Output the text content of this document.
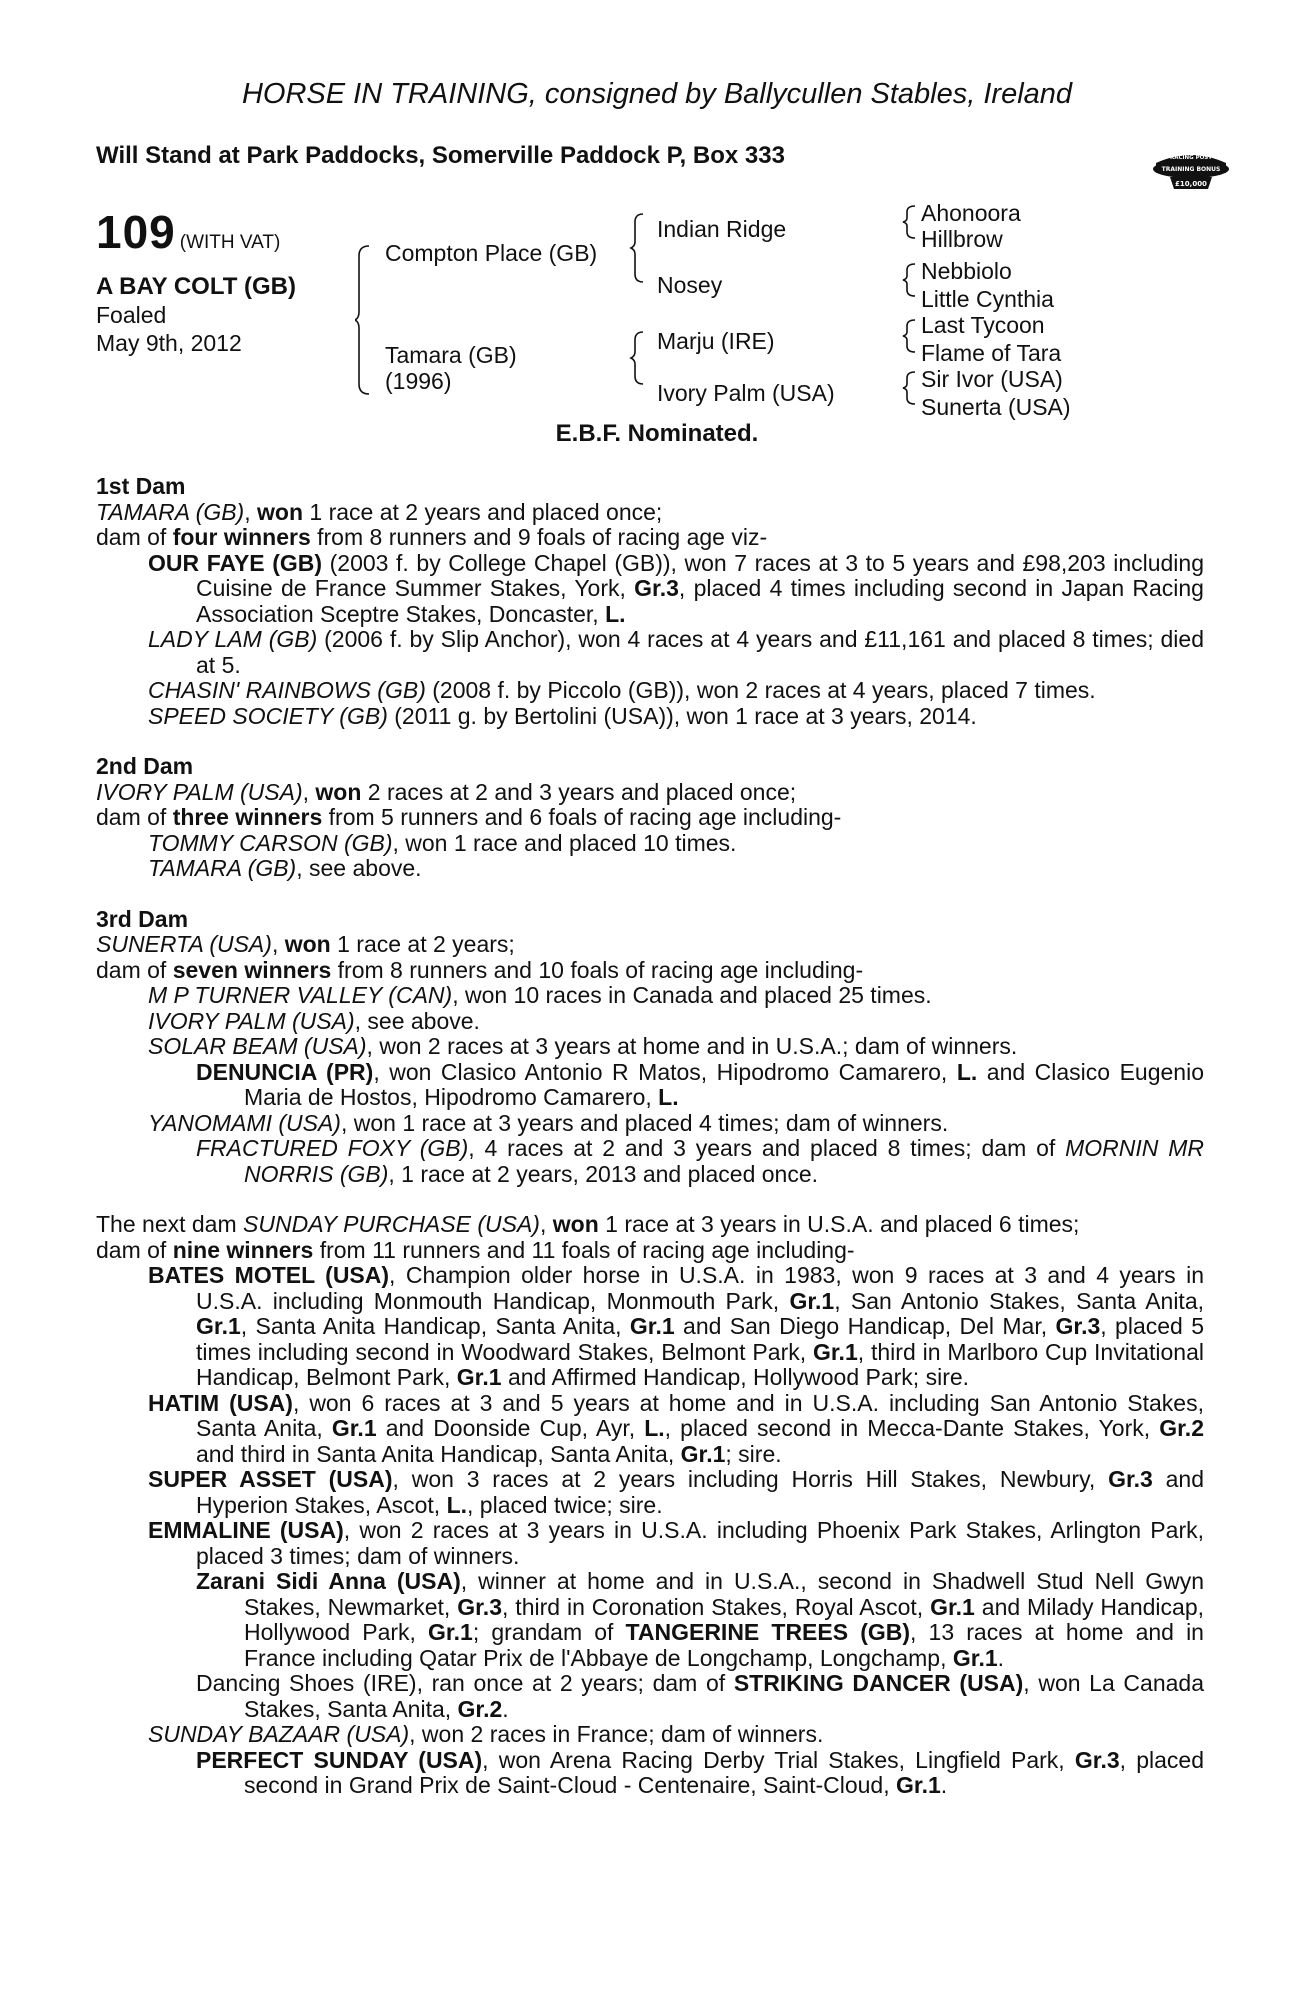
HORSE IN TRAINING, consigned by Ballycullen Stables, Ireland
Will Stand at Park Paddocks, Somerville Paddock P, Box 333	RACING POST
TRAINING BONUS
£10,000
109 (WITH VAT)
A BAY COLT (GB)
Foaled
May 9th, 2012
Compton Place (GB)
Tamara (GB)
(1996)
Indian Ridge
Nosey
Marju (IRE)
Ivory Palm (USA)
Ahonoora
Hillbrow
Nebbiolo
Little Cynthia
Last Tycoon
Flame of Tara
Sir Ivor (USA)
Sunerta (USA)
E.B.F. Nominated.
1st Dam
TAMARA (GB), won 1 race at 2 years and placed once;
dam of four winners from 8 runners and 9 foals of racing age viz-
OUR FAYE (GB) (2003 f. by College Chapel (GB)), won 7 races at 3 to 5 years and £98,203 including Cuisine de France Summer Stakes, York, Gr.3, placed 4 times including second in Japan Racing Association Sceptre Stakes, Doncaster, L.
LADY LAM (GB) (2006 f. by Slip Anchor), won 4 races at 4 years and £11,161 and placed 8 times; died at 5.
CHASIN' RAINBOWS (GB) (2008 f. by Piccolo (GB)), won 2 races at 4 years, placed 7 times.
SPEED SOCIETY (GB) (2011 g. by Bertolini (USA)), won 1 race at 3 years, 2014.
2nd Dam
IVORY PALM (USA), won 2 races at 2 and 3 years and placed once;
dam of three winners from 5 runners and 6 foals of racing age including-
TOMMY CARSON (GB), won 1 race and placed 10 times.
TAMARA (GB), see above.
3rd Dam
SUNERTA (USA), won 1 race at 2 years;
dam of seven winners from 8 runners and 10 foals of racing age including-
M P TURNER VALLEY (CAN), won 10 races in Canada and placed 25 times.
IVORY PALM (USA), see above.
SOLAR BEAM (USA), won 2 races at 3 years at home and in U.S.A.; dam of winners.
DENUNCIA (PR), won Clasico Antonio R Matos, Hipodromo Camarero, L. and Clasico Eugenio Maria de Hostos, Hipodromo Camarero, L.
YANOMAMI (USA), won 1 race at 3 years and placed 4 times; dam of winners.
FRACTURED FOXY (GB), 4 races at 2 and 3 years and placed 8 times; dam of MORNIN MR NORRIS (GB), 1 race at 2 years, 2013 and placed once.
The next dam SUNDAY PURCHASE (USA), won 1 race at 3 years in U.S.A. and placed 6 times;
dam of nine winners from 11 runners and 11 foals of racing age including-
BATES MOTEL (USA), Champion older horse in U.S.A. in 1983, won 9 races at 3 and 4 years in U.S.A. including Monmouth Handicap, Monmouth Park, Gr.1, San Antonio Stakes, Santa Anita, Gr.1, Santa Anita Handicap, Santa Anita, Gr.1 and San Diego Handicap, Del Mar, Gr.3, placed 5 times including second in Woodward Stakes, Belmont Park, Gr.1, third in Marlboro Cup Invitational Handicap, Belmont Park, Gr.1 and Affirmed Handicap, Hollywood Park; sire.
HATIM (USA), won 6 races at 3 and 5 years at home and in U.S.A. including San Antonio Stakes, Santa Anita, Gr.1 and Doonside Cup, Ayr, L., placed second in Mecca-Dante Stakes, York, Gr.2 and third in Santa Anita Handicap, Santa Anita, Gr.1; sire.
SUPER ASSET (USA), won 3 races at 2 years including Horris Hill Stakes, Newbury, Gr.3 and Hyperion Stakes, Ascot, L., placed twice; sire.
EMMALINE (USA), won 2 races at 3 years in U.S.A. including Phoenix Park Stakes, Arlington Park, placed 3 times; dam of winners.
Zarani Sidi Anna (USA), winner at home and in U.S.A., second in Shadwell Stud Nell Gwyn Stakes, Newmarket, Gr.3, third in Coronation Stakes, Royal Ascot, Gr.1 and Milady Handicap, Hollywood Park, Gr.1; grandam of TANGERINE TREES (GB), 13 races at home and in France including Qatar Prix de l'Abbaye de Longchamp, Longchamp, Gr.1.
Dancing Shoes (IRE), ran once at 2 years; dam of STRIKING DANCER (USA), won La Canada Stakes, Santa Anita, Gr.2.
SUNDAY BAZAAR (USA), won 2 races in France; dam of winners.
PERFECT SUNDAY (USA), won Arena Racing Derby Trial Stakes, Lingfield Park, Gr.3, placed second in Grand Prix de Saint-Cloud - Centenaire, Saint-Cloud, Gr.1.
